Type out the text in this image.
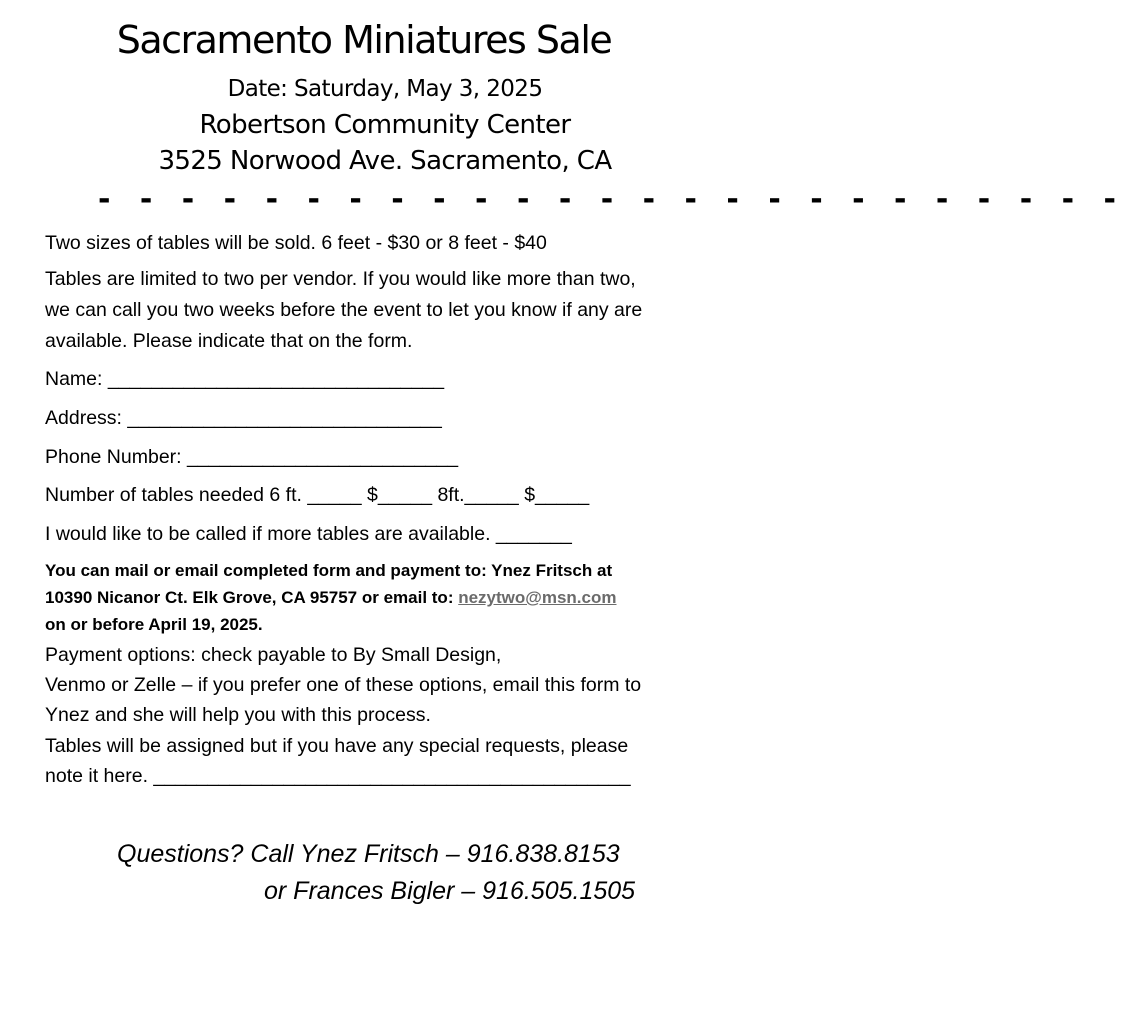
Sacramento Miniatures Sale
Date: Saturday, May 3, 2025
Robertson Community Center
3525 Norwood Ave. Sacramento, CA
- - - - - - - - - - - - - - - - - - - - - - - - -
Two sizes of tables will be sold. 6 feet - $30 or 8 feet - $40
Tables are limited to two per vendor. If you would like more than two,
we can call you two weeks before the event to let you know if any are
available. Please indicate that on the form.
Name: _______________________________
Address: _____________________________
Phone Number: _________________________
Number of tables needed 6 ft. _____ $_____ 8ft._____ $_____
I would like to be called if more tables are available. _______
You can mail or email completed form and payment to: Ynez Fritsch at
10390 Nicanor Ct. Elk Grove, CA 95757 or email to: nezytwo@msn.com
on or before April 19, 2025.
Payment options: check payable to By Small Design,
Venmo or Zelle – if you prefer one of these options, email this form to
Ynez and she will help you with this process.
Tables will be assigned but if you have any special requests, please
note it here. ____________________________________________
Questions? Call Ynez Fritsch – 916.838.8153
or Frances Bigler – 916.505.1505
